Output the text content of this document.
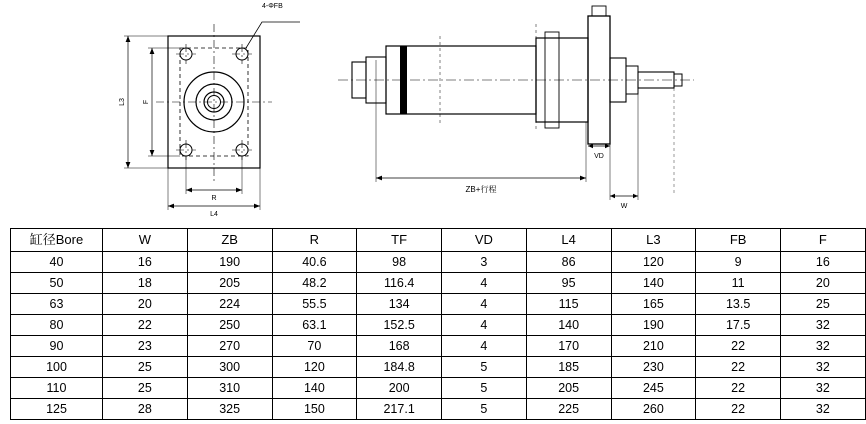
4-ΦFB
L3 F
R
L4
VD
W
ZB+行程
缸径Bore	W	ZB	R	TF	VD	L4	L3	FB	F
40	16	190	40.6	98	3	86	120	9	16
50	18	205	48.2	116.4	4	95	140	11	20
63	20	224	55.5	134	4	115	165	13.5	25
80	22	250	63.1	152.5	4	140	190	17.5	32
90	23	270	70	168	4	170	210	22	32
100	25	300	120	184.8	5	185	230	22	32
110	25	310	140	200	5	205	245	22	32
125	28	325	150	217.1	5	225	260	22	32
